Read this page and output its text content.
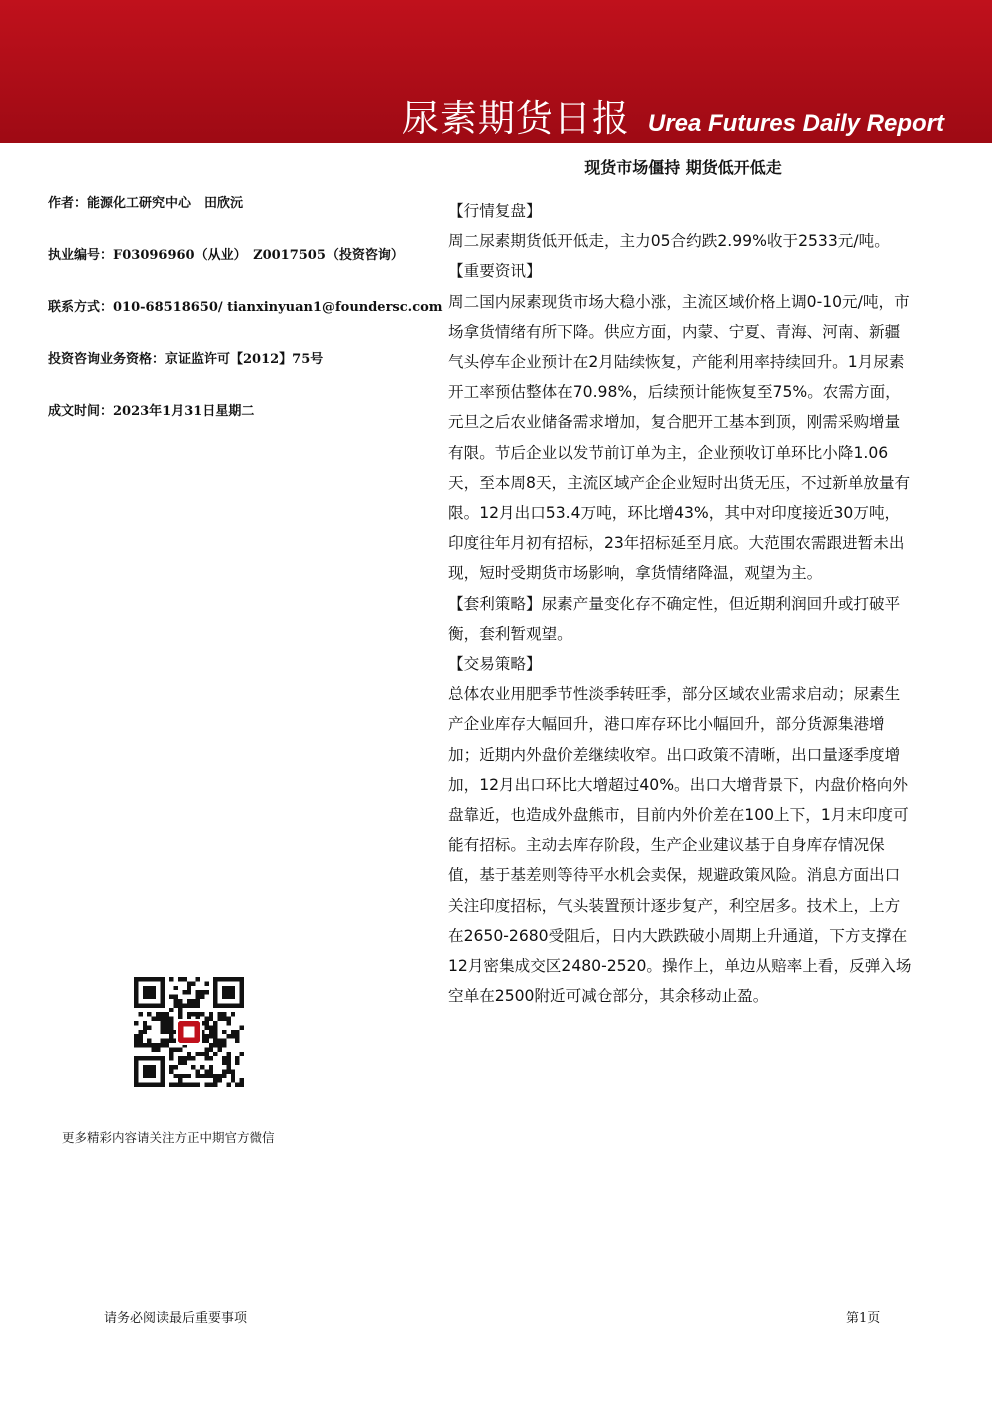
尿素期货日报 Urea Futures Daily Report
现货市场僵持 期货低开低走
作者：能源化工研究中心　田欣沅
执业编号：F03096960（从业）　Z0017505（投资咨询）
联系方式：010-68518650/ tianxinyuan1@foundersc.com
投资咨询业务资格：京证监许可【2012】75号
成文时间：2023年1月31日星期二
更多精彩内容请关注方正中期官方微信

【行情复盘】

周二尿素期货低开低走，主力05合约跌2.99%收于2533元/吨。

【重要资讯】

周二国内尿素现货市场大稳小涨，主流区域价格上调0-10元/吨，市场拿货情绪有所下降。供应方面，内蒙、宁夏、青海、河南、新疆气头停车企业预计在2月陆续恢复，产能利用率持续回升。1月尿素开工率预估整体在70.98%，后续预计能恢复至75%。农需方面，元旦之后农业储备需求增加，复合肥开工基本到顶，刚需采购增量有限。节后企业以发节前订单为主，企业预收订单环比小降1.06天，至本周8天，主流区域产企企业短时出货无压，不过新单放量有限。12月出口53.4万吨，环比增43%，其中对印度接近30万吨，印度往年月初有招标，23年招标延至月底。大范围农需跟进暂未出现，短时受期货市场影响，拿货情绪降温，观望为主。

【套利策略】尿素产量变化存不确定性，但近期利润回升或打破平衡，套利暂观望。

【交易策略】

总体农业用肥季节性淡季转旺季，部分区域农业需求启动；尿素生产企业库存大幅回升，港口库存环比小幅回升，部分货源集港增加；近期内外盘价差继续收窄。出口政策不清晰，出口量逐季度增加，12月出口环比大增超过40%。出口大增背景下，内盘价格向外盘靠近，也造成外盘熊市，目前内外价差在100上下，1月末印度可能有招标。主动去库存阶段，生产企业建议基于自身库存情况保值，基于基差则等待平水机会卖保，规避政策风险。消息方面出口关注印度招标，气头装置预计逐步复产，利空居多。技术上，上方在2650-2680受阻后，日内大跌跌破小周期上升通道，下方支撑在12月密集成交区2480-2520。操作上，单边从赔率上看，反弹入场空单在2500附近可减仓部分，其余移动止盈。

请务必阅读最后重要事项	第1页
